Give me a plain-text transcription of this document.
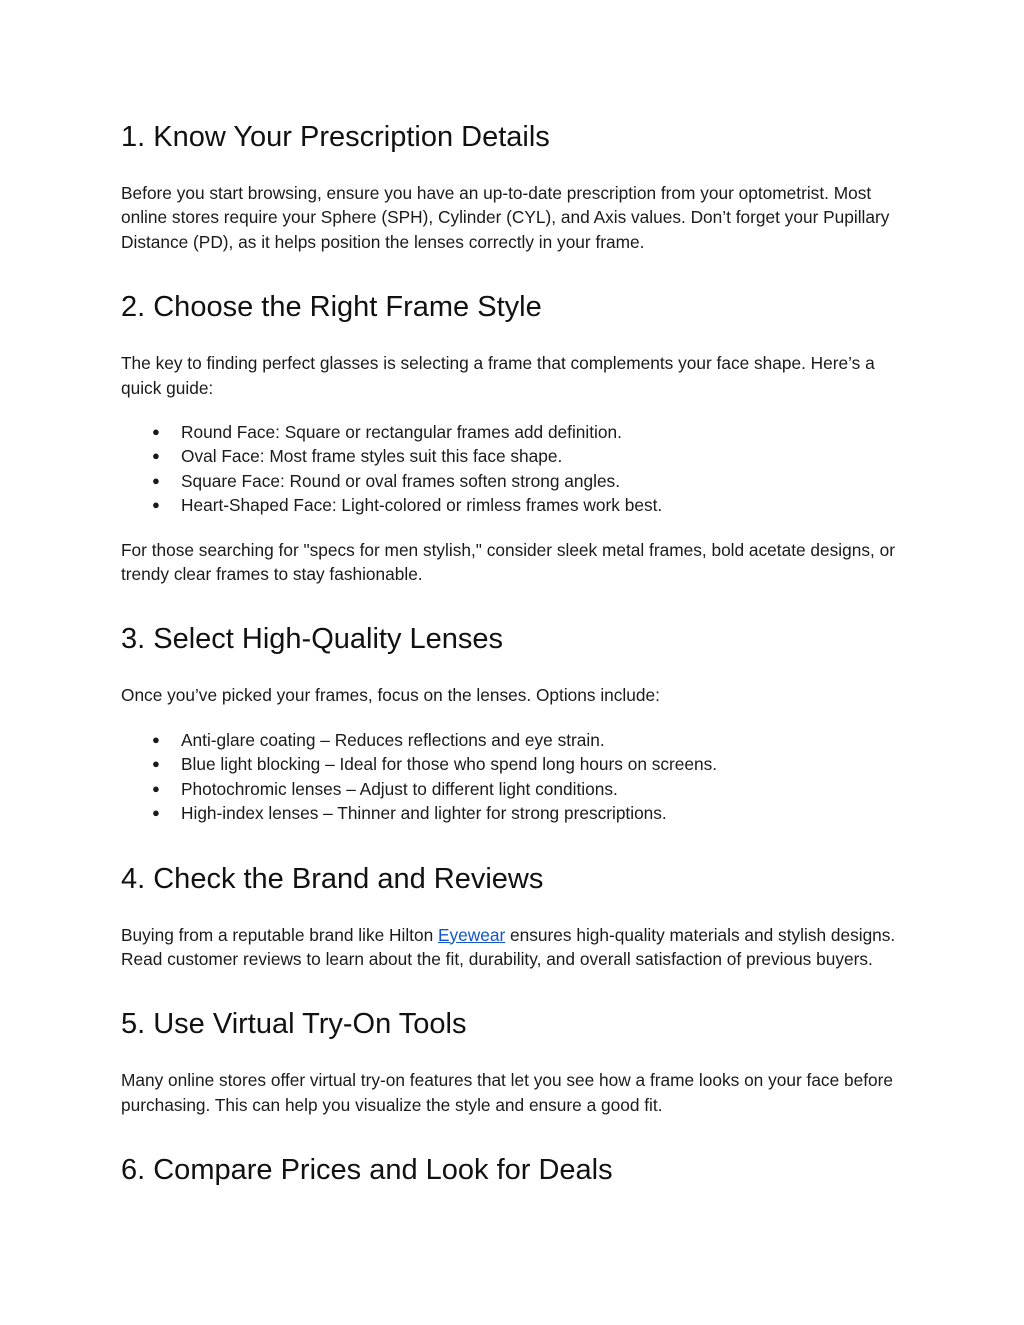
1. Know Your Prescription Details

Before you start browsing, ensure you have an up-to-date prescription from your optometrist. Most online stores require your Sphere (SPH), Cylinder (CYL), and Axis values. Don’t forget your Pupillary Distance (PD), as it helps position the lenses correctly in your frame.

2. Choose the Right Frame Style

The key to finding perfect glasses is selecting a frame that complements your face shape. Here’s a quick guide:

● Round Face: Square or rectangular frames add definition.
● Oval Face: Most frame styles suit this face shape.
● Square Face: Round or oval frames soften strong angles.
● Heart-Shaped Face: Light-colored or rimless frames work best.

For those searching for "specs for men stylish," consider sleek metal frames, bold acetate designs, or trendy clear frames to stay fashionable.

3. Select High-Quality Lenses

Once you’ve picked your frames, focus on the lenses. Options include:

● Anti-glare coating – Reduces reflections and eye strain.
● Blue light blocking – Ideal for those who spend long hours on screens.
● Photochromic lenses – Adjust to different light conditions.
● High-index lenses – Thinner and lighter for strong prescriptions.
4. Check the Brand and Reviews

Buying from a reputable brand like Hilton Eyewear ensures high-quality materials and stylish designs. Read customer reviews to learn about the fit, durability, and overall satisfaction of previous buyers.

5. Use Virtual Try-On Tools

Many online stores offer virtual try-on features that let you see how a frame looks on your face before purchasing. This can help you visualize the style and ensure a good fit.

6. Compare Prices and Look for Deals
